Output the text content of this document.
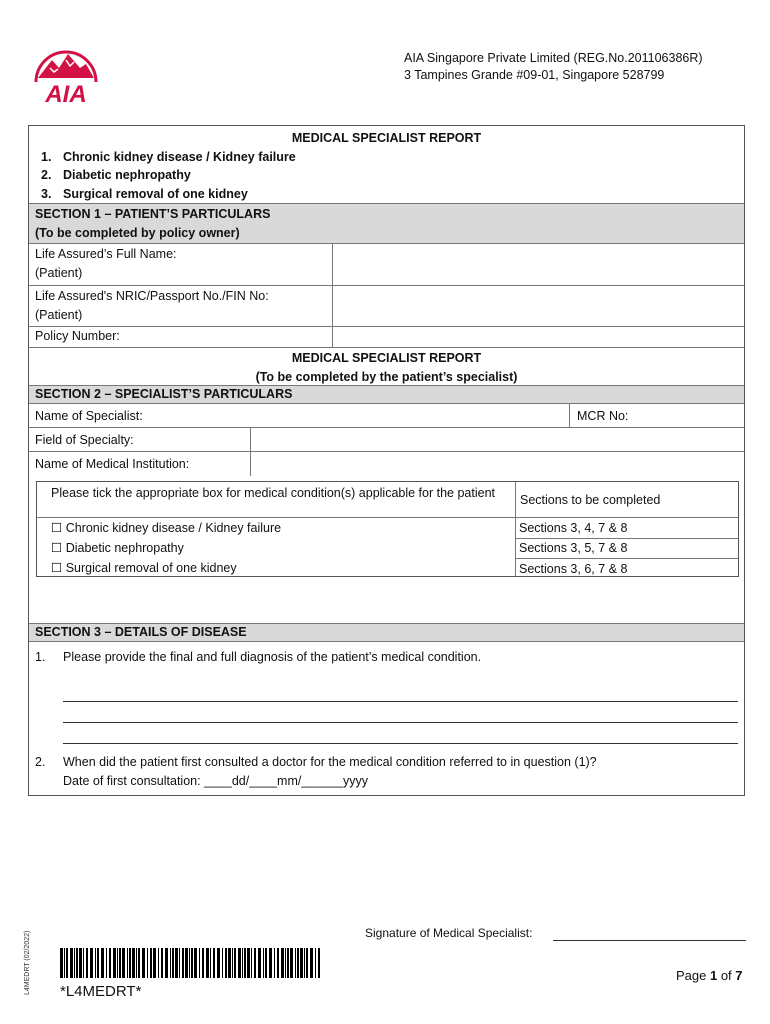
AIA
AIA Singapore Private Limited (REG.No.201106386R)
3 Tampines Grande #09-01, Singapore 528799
MEDICAL SPECIALIST REPORT
1. Chronic kidney disease / Kidney failure
2. Diabetic nephropathy
3. Surgical removal of one kidney
SECTION 1 – PATIENT’S PARTICULARS
(To be completed by policy owner)
Life Assured’s Full Name:
(Patient)
Life Assured's NRIC/Passport No./FIN No:
(Patient)
Policy Number:
MEDICAL SPECIALIST REPORT
(To be completed by the patient’s specialist)
SECTION 2 – SPECIALIST’S PARTICULARS
Name of Specialist:	MCR No:
Field of Specialty:
Name of Medical Institution:
Please tick the appropriate box for medical condition(s) applicable for the patient	Sections to be completed
☐ Chronic kidney disease / Kidney failure
☐ Diabetic nephropathy
☐ Surgical removal of one kidney
Sections 3, 4, 7 & 8
Sections 3, 5, 7 & 8
Sections 3, 6, 7 & 8
SECTION 3 – DETAILS OF DISEASE
1. Please provide the final and full diagnosis of the patient’s medical condition.
2. When did the patient first consulted a doctor for the medical condition referred to in question (1)?
Date of first consultation: ____dd/____mm/______yyyy
Signature of Medical Specialist:
L4MEDRT (02/2022) *L4MEDRT*
Page 1 of 7
